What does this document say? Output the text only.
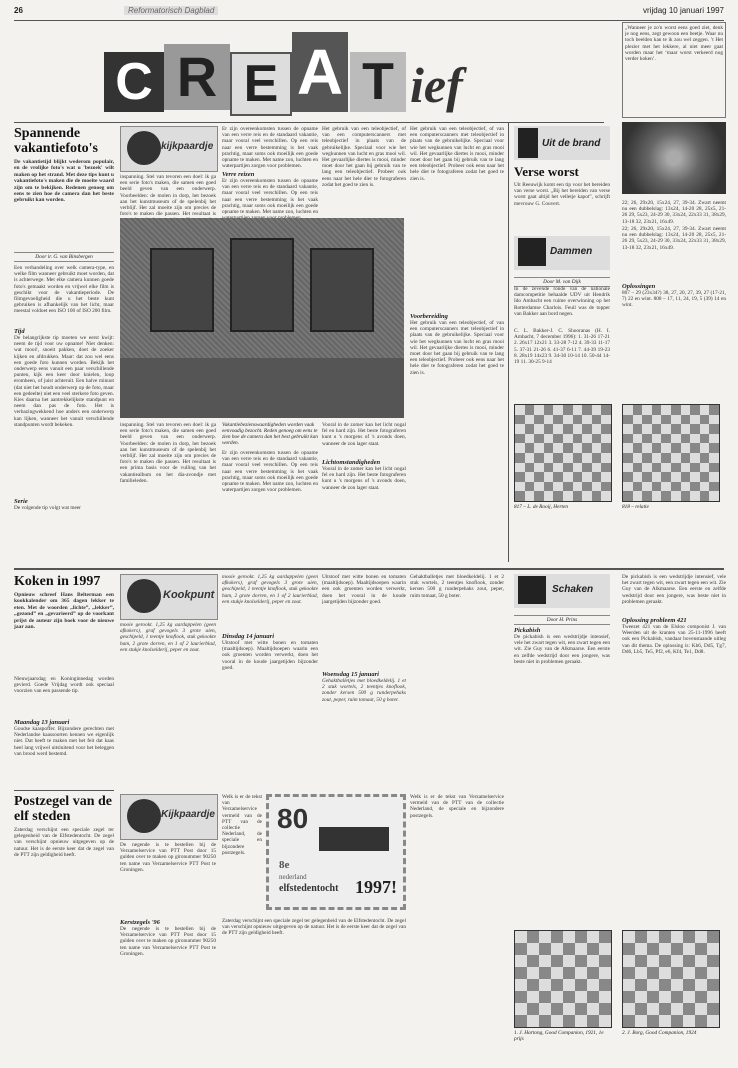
26	Reformatorisch Dagblad	vrijdag 10 januari 1997
C R E A T ief
„Wanneer je zo'n worst eens goed ziet, denk je nog eens, zegt gewoon een beetje. Waar nu toch beelden kan te ik zou wel zeggen. ’t Het plezier met het lekkere, al niet meer gaat worden maar het ‘maar worst verkeerd nog verder koken’.
Spannende vakantiefoto's
De vakantietijd blijkt wederom populair, en de vrolijke foto's wat u 'bezoek' wilt maken op het strand. Met deze tips kunt u vakantiefoto's maken die de moeite waard zijn om te bekijken. Redenen genoeg om eens te zien hoe de camera dan het beste gebruikt kan worden.
Door ir. G. van Binsbergen
Een verhandeling over welk camera-type, en welke film wanneer gebruikt moet worden, dat is achterwege. Met elke camera kunnen goede foto's gemaakt worden en vrijwel elke film is geschikt voor de vakantieperiode. De filmgevoeligheid die u het beste kunt gebruiken is afhankelijk van het licht, maar meestal voldoet een ISO 100 of ISO 200 film.
Tijd
De belangrijkste tip moeten we eerst kwijt: neem de tijd voor uw opname! Niet denken: wat mooi!, snoeit pakken, doet de zoeker kijken en afdrukken. Maar: dat zou wel eens een goede foto kunnen worden. Bekijk het onderwerp eens vanuit een paar verschillende punten, kijk een keer door knielen, loop eromheen, of juist achteruit. Een halve minuut (dat niet het houdt onderwerp op de foto, maar een gedeelte) niet een veel sterkere foto geven. Kies daarna het aantrekkelijkste standpunt en neem dan pas de foto. Het is verbazingwekkend hoe anders een onderwerp kan lijken, wanneer het vanuit verschillende standpunten wordt bekeken.
Serie
De volgende tip volgt wat meer
kijkpaardje
inspanning. Stel van tevoren een doel: ik ga een serie foto's maken, die samen een goed beeld geven van een onderwerp. Voorbeelden: de molen in dorp, het bezoek aan het kunstmuseum of de spelenbij het verblijf. Het zal moeite zijn om precies de foto's te maken die passen. Het resultaat is
Er zijn overeenkomsten tussen de opname van een verre reis en de standaard vakantie, maar vooral veel verschillen. Op een reis naar een verre bestemming is het vaak prachtig, maar soms ook moeilijk een goede opname te maken. Met name zon, luchten en waterpartijen zorgen voor problemen.
Verre reizen
Er zijn overeenkomsten tussen de opname van een verre reis en de standaard vakantie, maar vooral veel verschillen. Op een reis naar een verre bestemming is het vaak prachtig, maar soms ook moeilijk een goede opname te maken. Met name zon, luchten en
Het gebruik van een teleobjectief, of van een computerscanners met teleobjectief in plaats van de gebruikelijke. Speciaal voor wie het wegkunnen van lucht en gras mooi wil. Het gevaarlijke diertes is mooi, minder moet door het gaan bij gebruik van te lang een teleobjectief. Probeer ook eens naar het hele dier te fotograferen zodat het goed te zien is.
Het gebruik van een teleobjectief, of van een computerscanners met teleobjectief in plaats van de gebruikelijke. Speciaal voor wie het wegkunnen van lucht en gras mooi wil. Het gevaarlijke diertes is mooi, minder moet door het gaan bij gebruik van te lang een teleobjectief. Probeer ook eens naar het hele dier te fotograferen zodat het goed te zien is.
inspanning. Stel van tevoren een doel: ik ga een serie foto's maken, die samen een goed beeld geven van een onderwerp. Voorbeelden: de molen in dorp, het bezoek aan het kunstmuseum of de spelenbij het verblijf. Het zal moeite zijn om precies de foto's te maken die passen. Het resultaat is een prima basis voor de vulling van het vakantiealbum en het dia-avondje met familieleden.
Vakantiebezienswaardigheden worden vaak eenvoudig bezocht. Reden genoeg om eens te zien hoe de camera dan het best gebruikt kan worden.
Er zijn overeenkomsten tussen de opname van een verre reis en de standaard vakantie, maar vooral veel verschillen. Op een reis naar een verre bestemming is het vaak prachtig, maar soms ook moeilijk een goede opname te maken. Met name zon, luchten en waterpartijen zorgen voor problemen.
Vooral in de zomer kan het licht nogal fel en hard zijn. Het beste fotograferen kunt u 's morgens of 's avonds doen, wanneer de zon lager staat.
Lichtomstandigheden
Vooral in de zomer kan het licht nogal fel en hard zijn. Het beste fotograferen kunt u 's morgens of 's avonds doen, wanneer de zon lager staat.
Voorbereiding
Het gebruik van een teleobjectief, of van een computerscanners met teleobjectief in plaats van de gebruikelijke. Speciaal voor wie het wegkunnen van lucht en gras mooi wil. Het gevaarlijke diertes is mooi, minder moet door het gaan bij gebruik van te lang een teleobjectief. Probeer ook eens naar het hele dier te fotograferen zodat het goed te zien is.
Uit de brand
Verse worst
Uit Reeuwijk komt een tip voor het bereiden van verse worst. „Bij het bereiden van verse worst gaat altijd het velletje kapot”, schrijft mevrouw G. Couvert.	22; 26, 29x20, 15x24, 27, 39-34. Zwart neemt nu een dubbelslag: 13x24, 14-20 28, 25x5, 21-26 29, 5x23, 24-29 30, 33x24, 22x33 31, 38x29, 13-18 32, 23x21, 16x49.
Dammen
Door M. van Dijk
In de zevende ronde van de nationale damcompetitie behaalde UDV uit Hendrik Ido Ambacht een ruime overwinning op het Rotterdamse Charlois. Feuil was de topper van Bakker aan bord negen.
C. L. Bakker-J. C. Shooranas (H. I. Ambacht, 7 december 1996): 1. 31-26 17-21 2. 26x17 12x21 3. 33-28 7-12 4. 39-33 11-17 5. 37-31 21-26 6. 41-37 6-11 7. 44-39 19-23 8. 28x19 14x23 9. 34-30 10-14 10. 50-44 14-19 11. 30-25 9-14
22; 26, 29x20, 15x24, 27, 39-34. Zwart neemt nu een dubbelslag: 13x24, 14-20 28, 25x5, 21-26 29, 5x23, 24-29 30, 33x24, 22x33 31, 38x29, 13-18 32, 23x21, 16x49.
Oplossingen
807 – 29 (23x34?) 38, 27, 20, 27, 39, 27 (17-21, 7) 22 en wint. 808 – 17, 11, 24, 19, 5 (39) 14 en wint.
817 – L. de Rooij, Herten	818 – relatie
Koken in 1997
Opnieuw schreef Hans Belterman een kookkalender om 365 dagen lekker te eten. Met de woorden „lichte”, „lekker”, „gezond” en „gevarieerd” op de voorkant prijst de auteur zijn boek voor de nieuwe jaar aan.
Nieuwjaarsdag en Koninginnedag worden gevierd. Goede Vrijdag wordt ook speciaal voorzien van een passende tip.
Maandag 13 januari
Goudse kaaspoffer. Bijzondere gerechten met Nederlandse kaassoorten kennen we eigenlijk niet. Dat heeft te maken met het feit dat kaas heel lang vrijwel uitsluitend voor het beleggen van brood werd bestemd.
Kookpunt
mooie gerookt. 1,25 kg aardappelen (geen afkokers), graf gevogels 3 grote uien, geschipeld, 1 teentje knoflook, stuk gekookte ham, 2 grote dorren, en 1 of 2 laurierblad, een stukje knolselderij, peper en zout.
mooie gerookt. 1,25 kg aardappelen (geen afkokers), graf gevogels 3 grote uien, geschipeld, 1 teentje knoflook, stuk gekookte ham, 2 grote dorren, en 1 of 2 laurierblad, een stukje knolselderij, peper en zout.
Dinsdag 14 januari
Uitstoof met witte bonen en tomaten (maaltijdsoep). Maaltijdsoepen waarin een ook groenten worden verwerkt, doen het vooral in de koude jaargetijden bijzonder goed.
Uitstoof met witte bonen en tomaten (maaltijdsoep). Maaltijdsoepen waarin een ook groenten worden verwerkt, doen het vooral in de koude jaargetijden bijzonder goed.
Woensdag 15 januari
Gehaktballetjes met bloedkeldelij. 1 et 2 stuk wortels, 2 teentjes knoflook, zonder kersen 500 g runderpehaks zout, peper, ruim tomaat, 50 g boter.
Gehaktballetjes met bloedkeldelij. 1 et 2 stuk wortels, 2 teentjes knoflook, zonder kersen 500 g runderpehaks zout, peper, ruim tomaat, 50 g boter.
Postzegel van de elf steden
Zaterdag verschijnt een speciale zegel ter gelegenheid van de Elfstedentocht. De zegel van verschijnt opnieuw uitgegeven op de natuur. Het is de eerste keer dat de zegel van de PTT zijn geldigheid heeft.
Kijkpaardje
De negende is te bestellen bij de Verzamelservice van PTT Post door 15 gulden over te maken op gironummer 90250 ten name van Verzamelservice PTT Post te Groningen.
Kerstzegels '96
De negende is te bestellen bij de Verzamelservice van PTT Post door 15 gulden over te maken op gironummer 90250 ten name van Verzamelservice PTT Post te Groningen.
Welk is er de tekst van Verzamelservice vermeld van de PTT van de collectie Nederland, de speciale en bijzondere postzegels.
80
8e
nederland
elfstedentocht 1997!
Zaterdag verschijnt een speciale zegel ter gelegenheid van de Elfstedentocht. De zegel van verschijnt opnieuw uitgegeven op de natuur. Het is de eerste keer dat de zegel van de PTT zijn geldigheid heeft.
Welk is er de tekst van Verzamelservice vermeld van de PTT van de collectie Nederland, de speciale en bijzondere postzegels.
Schaken
Door H. Prins
Pickabish
De pickabish is een wedstrijdje intensief, vele het zwart tegen wit, een zwart tegen een wit. Zie Guy van de Alkmaarse. Een eerste en zelfde wedstrijd door een jongere, was beste niet in problemen geraakt.
De pickabish is een wedstrijdje intensief, vele het zwart tegen wit, een zwart tegen een wit. Zie Guy van de Alkmaarse. Een eerste en zelfde wedstrijd door een jongere, was beste niet in problemen geraakt.
Oplossing probleem 421
Tweezet 421 van de Elsloo componist J. van Weerden uit de kranten van 25-11-1996 heeft ook een Pickabish, vandaar bovenstaande uitleg van dit thema. De oplossing is: Kh6, Dd5, Tg7, Dd6, Lb5, Te5, Pf2, e6, Kf4, Te1, Dd8.
1. J. Hartong, Good Companion, 1921, 1e prijs
2. J. Borg, Good Companion, 1924
